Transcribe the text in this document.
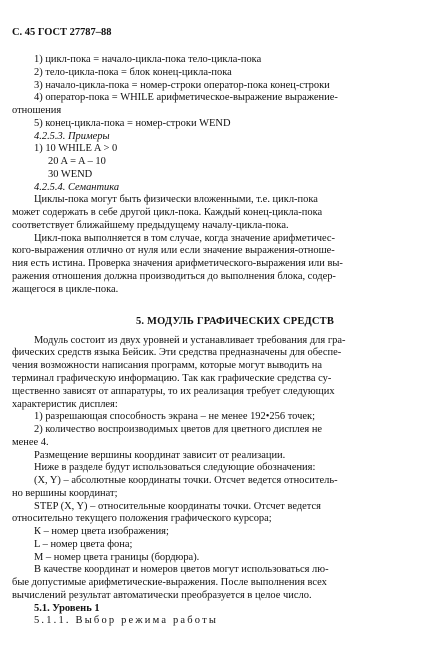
С. 45 ГОСТ 27787–88
1) цикл-пока = начало-цикла-пока тело-цикла-пока
2) тело-цикла-пока = блок конец-цикла-пока
3) начало-цикла-пока = номер-строки оператор-пока конец-строки
4) оператор-пока = WHILE арифметическое-выражение выражение-
отношения
5) конец-цикла-пока = номер-строки WEND
4.2.5.3. Примеры
1) 10 WHILE A > 0
20 A = A – 10
30 WEND
4.2.5.4. Семантика
Циклы-пока могут быть физически вложенными, т.е. цикл-пока
может содержать в себе другой цикл-пока. Каждый конец-цикла-пока
соответствует ближайшему предыдущему началу-цикла-пока.
Цикл-пока выполняется в том случае, когда значение арифметичес-
кого-выражения отлично от нуля или если значение выражения-отноше-
ния есть истина. Проверка значения арифметического-выражения или вы-
ражения отношения должна производиться до выполнения блока, содер-
жащегося в цикле-пока.
5. МОДУЛЬ ГРАФИЧЕСКИХ СРЕДСТВ
Модуль состоит из двух уровней и устанавливает требования для гра-
фических средств языка Бейсик. Эти средства предназначены для обеспе-
чения возможности написания программ, которые могут выводить на
терминал графическую информацию. Так как графические средства су-
щественно зависят от аппаратуры, то их реализация требует следующих
характеристик дисплея:
1) разрешающая способность экрана – не менее 192•256 точек;
2) количество воспроизводимых цветов для цветного дисплея не
менее 4.
Размещение вершины координат зависит от реализации.
Ниже в разделе будут использоваться следующие обозначения:
(X, Y) – абсолютные координаты точки. Отсчет ведется относитель-
но вершины координат;
STEP (X, Y) – относительные координаты точки. Отсчет ведется
относительно текущего положения графического курсора;
К – номер цвета изображения;
L – номер цвета фона;
М – номер цвета границы (бордюра).
В качестве координат и номеров цветов могут использоваться лю-
бые допустимые арифметические-выражения. После выполнения всех
вычислений результат автоматически преобразуется в целое число.
5.1. Уровень 1
5.1.1. Выбор режима работы
